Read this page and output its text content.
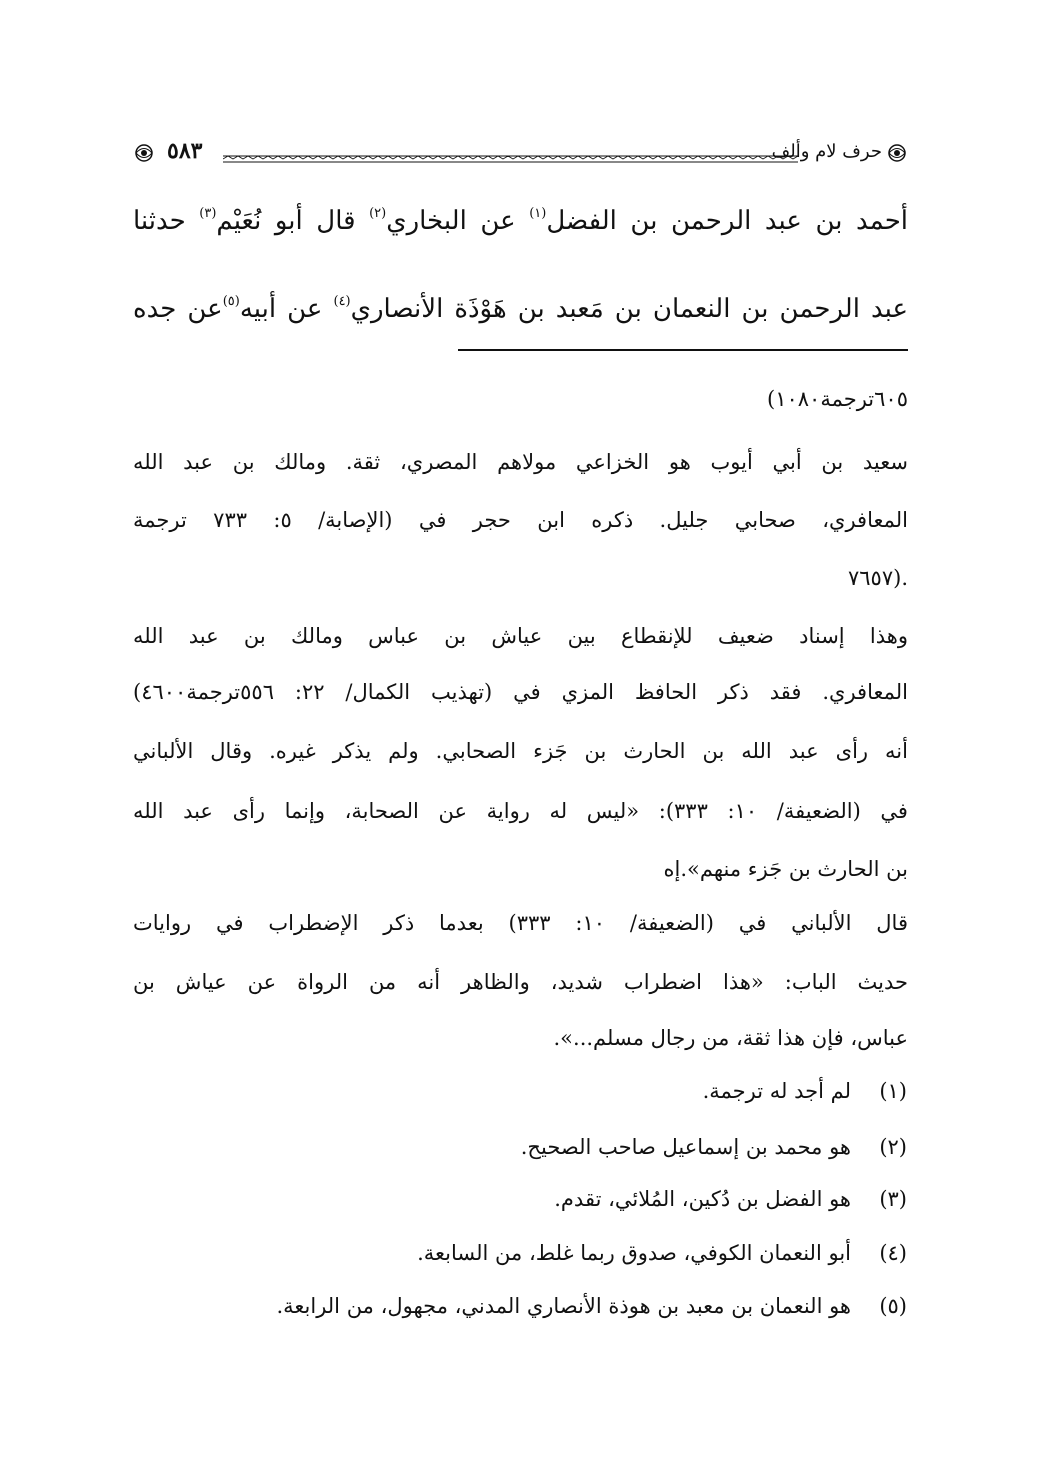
حرف لام وألف
٥٨٣
أحمد بن عبد الرحمن بن الفضل$^{(١)}$ عن البخاري$^{(٢)}$ قال أبو نُعَيْم$^{(٣)}$ حدثنا
عبد الرحمن بن النعمان بن مَعبد بن هَوْذَة الأنصاري$^{(٤)}$ عن أبيه$^{(٥)}$عن جده
٦٠٥ترجمة١٠٨٠)
سعيد بن أبي أيوب هو الخزاعي مولاهم المصري، ثقة. ومالك بن عبد الله
المعافري، صحابي جليل. ذكره ابن حجر في (الإصابة/ ٥: ٧٣٣ ترجمة
.(٧٦٥٧
وهذا إسناد ضعيف للإنقطاع بين عياش بن عباس ومالك بن عبد الله
المعافري. فقد ذكر الحافظ المزي في (تهذيب الكمال/ ٢٢: ٥٥٦ترجمة٤٦٠٠)
أنه رأى عبد الله بن الحارث بن جَزء الصحابي. ولم يذكر غيره. وقال الألباني
في (الضعيفة/ ١٠: ٣٣٣): «ليس له رواية عن الصحابة، وإنما رأى عبد الله
بن الحارث بن جَزء منهم».إه
قال الألباني في (الضعيفة/ ١٠: ٣٣٣) بعدما ذكر الإضطراب في روايات
حديث الباب: «هذا اضطراب شديد، والظاهر أنه من الرواة عن عياش بن
عباس، فإن هذا ثقة، من رجال مسلم...».
(١)لم أجد له ترجمة.
(٢)هو محمد بن إسماعيل صاحب الصحيح.
(٣)هو الفضل بن دُكين، المُلائي، تقدم.
(٤)أبو النعمان الكوفي، صدوق ربما غلط، من السابعة.
(٥)هو النعمان بن معبد بن هوذة الأنصاري المدني، مجهول، من الرابعة.
